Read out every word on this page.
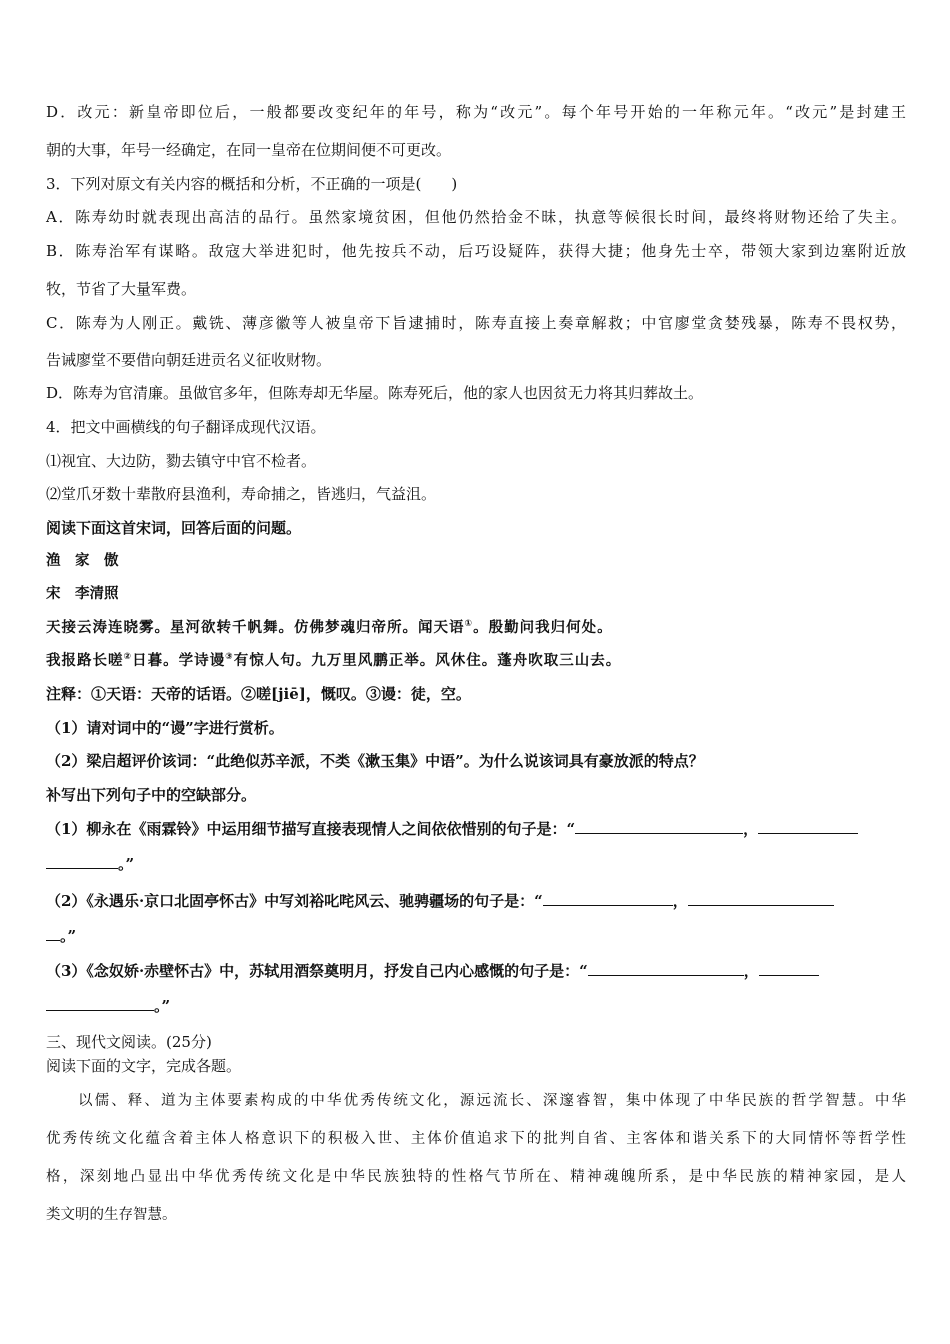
D．改元：新皇帝即位后，一般都要改变纪年的年号，称为“改元”。每个年号开始的一年称元年。“改元”是封建王
朝的大事，年号一经确定，在同一皇帝在位期间便不可更改。
3．下列对原文有关内容的概括和分析，不正确的一项是(　　)
A．陈寿幼时就表现出高洁的品行。虽然家境贫困，但他仍然拾金不昧，执意等候很长时间，最终将财物还给了失主。
B．陈寿治军有谋略。敌寇大举进犯时，他先按兵不动，后巧设疑阵，获得大捷；他身先士卒，带领大家到边塞附近放
牧，节省了大量军费。
C．陈寿为人刚正。戴铣、薄彦徽等人被皇帝下旨逮捕时，陈寿直接上奏章解救；中官廖堂贪婪残暴，陈寿不畏权势，
告诫廖堂不要借向朝廷进贡名义征收财物。
D．陈寿为官清廉。虽做官多年，但陈寿却无华屋。陈寿死后，他的家人也因贫无力将其归葬故土。
4．把文中画横线的句子翻译成现代汉语。
⑴视宜、大边防，勠去镇守中官不检者。
⑵堂爪牙数十辈散府县渔利，寿命捕之，皆逃归，气益沮。
阅读下面这首宋词，回答后面的问题。
渔　家　傲
宋　李清照
天接云涛连晓雾。星河欲转千帆舞。仿佛梦魂归帝所。闻天语①。殷勤问我归何处。
我报路长嗟②日暮。学诗谩③有惊人句。九万里风鹏正举。风休住。蓬舟吹取三山去。
注释：①天语：天帝的话语。②嗟[jiē]，慨叹。③谩：徒，空。
（1）请对词中的“谩”字进行赏析。
（2）梁启超评价该词：“此绝似苏辛派，不类《漱玉集》中语”。为什么说该词具有豪放派的特点？
补写出下列句子中的空缺部分。
（1）柳永在《雨霖铃》中运用细节描写直接表现情人之间依依惜别的句子是：“	，
。”
（2）《永遇乐·京口北固亭怀古》中写刘裕叱咤风云、驰骋疆场的句子是：“	，
。”
（3）《念奴娇·赤壁怀古》中，苏轼用酒祭奠明月，抒发自己内心感慨的句子是：“	，
。”
三、现代文阅读。(25分)
阅读下面的文字，完成各题。
以儒、释、道为主体要素构成的中华优秀传统文化，源远流长、深邃睿智，集中体现了中华民族的哲学智慧。中华
优秀传统文化蕴含着主体人格意识下的积极入世、主体价值追求下的批判自省、主客体和谐关系下的大同情怀等哲学性
格，深刻地凸显出中华优秀传统文化是中华民族独特的性格气节所在、精神魂魄所系，是中华民族的精神家园，是人
类文明的生存智慧。
